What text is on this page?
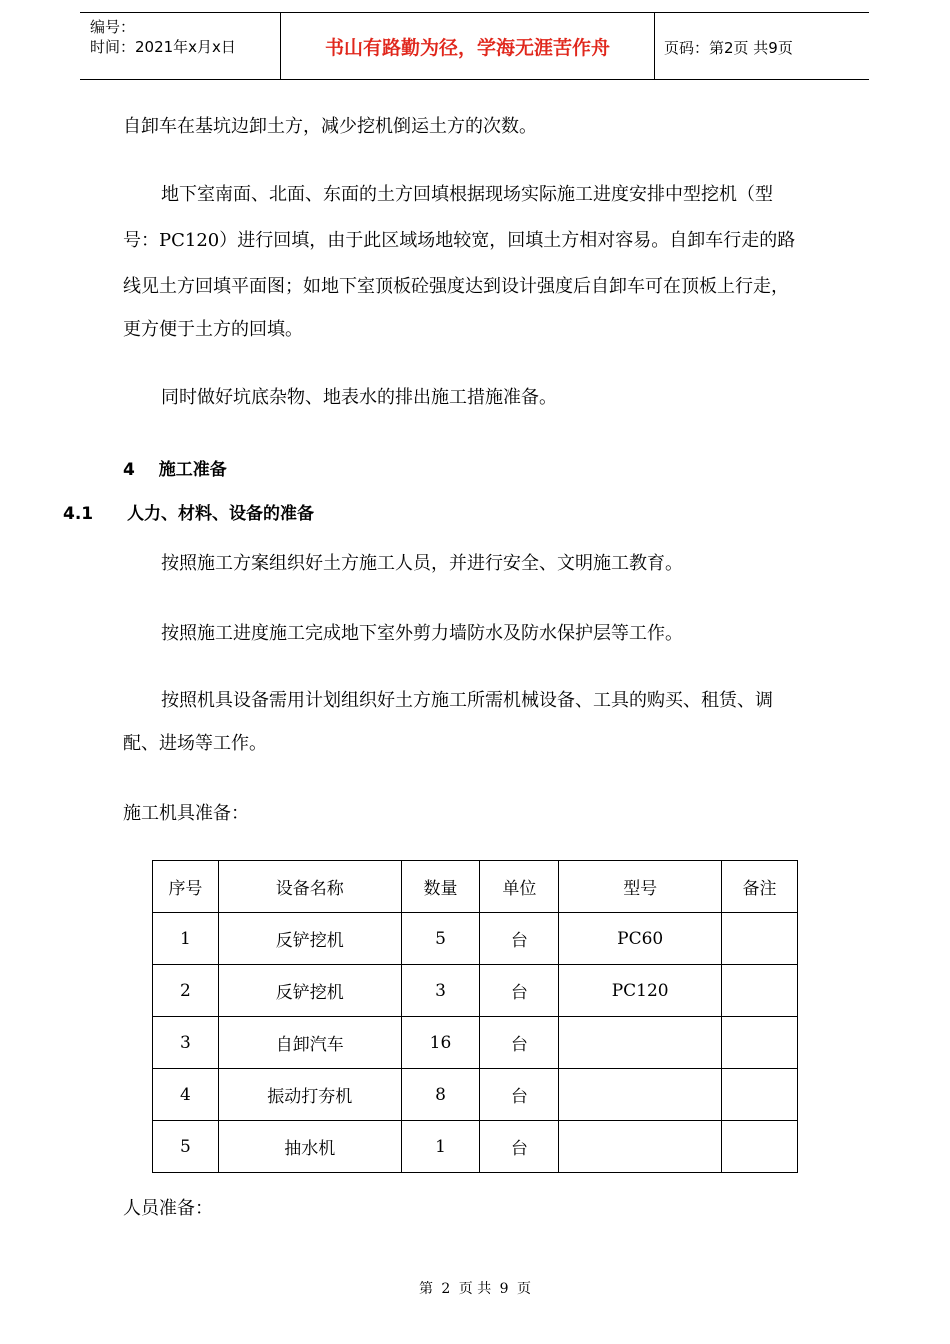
编号：
时间：2021年x月x日	书山有路勤为径，学海无涯苦作舟	页码：第2页 共9页

自卸车在基坑边卸土方，减少挖机倒运土方的次数。

地下室南面、北面、东面的土方回填根据现场实际施工进度安排中型挖机（型

号：PC120）进行回填，由于此区域场地较宽，回填土方相对容易。自卸车行走的路

线见土方回填平面图；如地下室顶板砼强度达到设计强度后自卸车可在顶板上行走，

更方便于土方的回填。

同时做好坑底杂物、地表水的排出施工措施准备。

4 施工准备
4.1 人力、材料、设备的准备

按照施工方案组织好土方施工人员，并进行安全、文明施工教育。

按照施工进度施工完成地下室外剪力墙防水及防水保护层等工作。

按照机具设备需用计划组织好土方施工所需机械设备、工具的购买、租赁、调

配、进场等工作。

施工机具准备：

序号	设备名称	数量	单位	型号	备注
1	反铲挖机	5	台	PC60	
2	反铲挖机	3	台	PC120	
3	自卸汽车	16	台		
4	振动打夯机	8	台		
5	抽水机	1	台		

人员准备：

第 2 页 共 9 页
